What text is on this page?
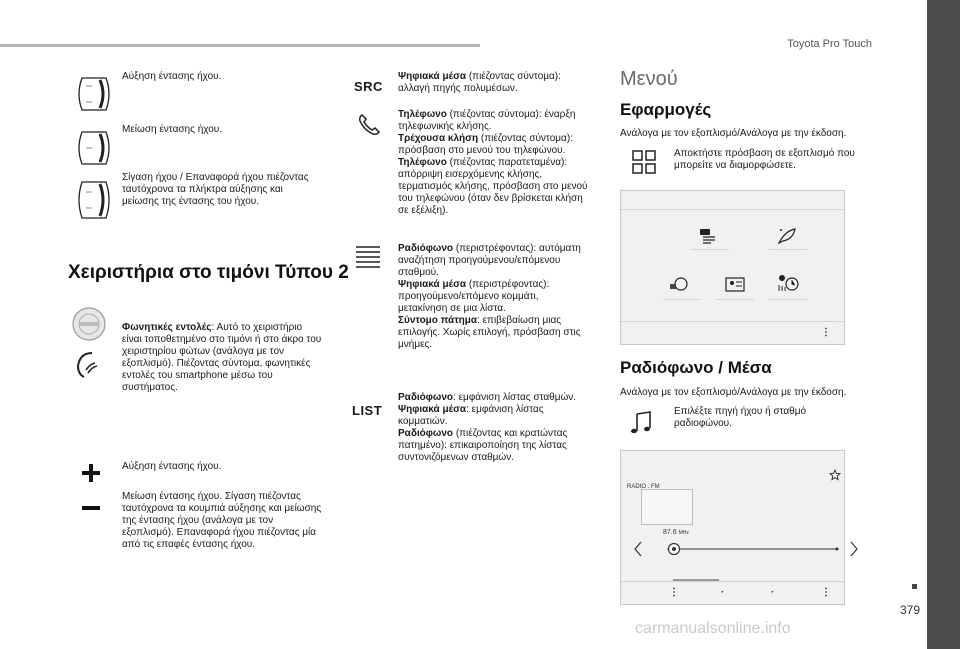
Toyota Pro Touch
379
carmanualsonline.info
Αύξηση έντασης ήχου.
Μείωση έντασης ήχου.
Σίγαση ήχου / Επαναφορά ήχου πιέζοντας ταυτόχρονα τα πλήκτρα αύξησης και μείωσης της έντασης του ήχου.
Χειριστήρια στο τιμόνι Τύπου 2
Φωνητικές εντολές: Αυτό το χειριστήριο είναι τοποθετημένο στο τιμόνι ή στο άκρο του χειριστηρίου φώτων (ανάλογα με τον εξοπλισμό). Πιέζοντας σύντομα, φωνητικές εντολές του smartphone μέσω του συστήματος.
Αύξηση έντασης ήχου.
Μείωση έντασης ήχου. Σίγαση πιέζοντας ταυτόχρονα τα κουμπιά αύξησης και μείωσης της έντασης ήχου (ανάλογα με τον εξοπλισμό). Επαναφορά ήχου πιέζοντας μία από τις επαφές έντασης ήχου.
SRC
Ψηφιακά μέσα (πιέζοντας σύντομα): αλλαγή πηγής πολυμέσων.
Τηλέφωνο (πιέζοντας σύντομα): έναρξη τηλεφωνικής κλήσης.
Τρέχουσα κλήση (πιέζοντας σύντομα): πρόσβαση στο μενού του τηλεφώνου.
Τηλέφωνο (πιέζοντας παρατεταμένα): απόρριψη εισερχόμενης κλήσης, τερματισμός κλήσης, πρόσβαση στο μενού του τηλεφώνου (όταν δεν βρίσκεται κλήση σε εξέλιξη).
Ραδιόφωνο (περιστρέφοντας): αυτόματη αναζήτηση προηγούμενου/επόμενου σταθμού.
Ψηφιακά μέσα (περιστρέφοντας): προηγούμενο/επόμενο κομμάτι, μετακίνηση σε μια λίστα.
Σύντομο πάτημα: επιβεβαίωση μιας επιλογής. Χωρίς επιλογή, πρόσβαση στις μνήμες.
LIST
Ραδιόφωνο: εμφάνιση λίστας σταθμών.
Ψηφιακά μέσα: εμφάνιση λίστας κομματιών.
Ραδιόφωνο (πιέζοντας και κρατώντας πατημένο): επικαιροποίηση της λίστας συντονιζόμενων σταθμών.
Μενού
Εφαρμογές
Ανάλογα με τον εξοπλισμό/Ανάλογα με την έκδοση.
Αποκτήστε πρόσβαση σε εξοπλισμό που μπορείτε να διαμορφώσετε.
⋮
Ραδιόφωνο / Μέσα
Ανάλογα με τον εξοπλισμό/Ανάλογα με την έκδοση.
Επιλέξτε πηγή ήχου ή σταθμό ραδιοφώνου.
RADIO . FM
87.6 MHz
⋮	·	·	⋮
